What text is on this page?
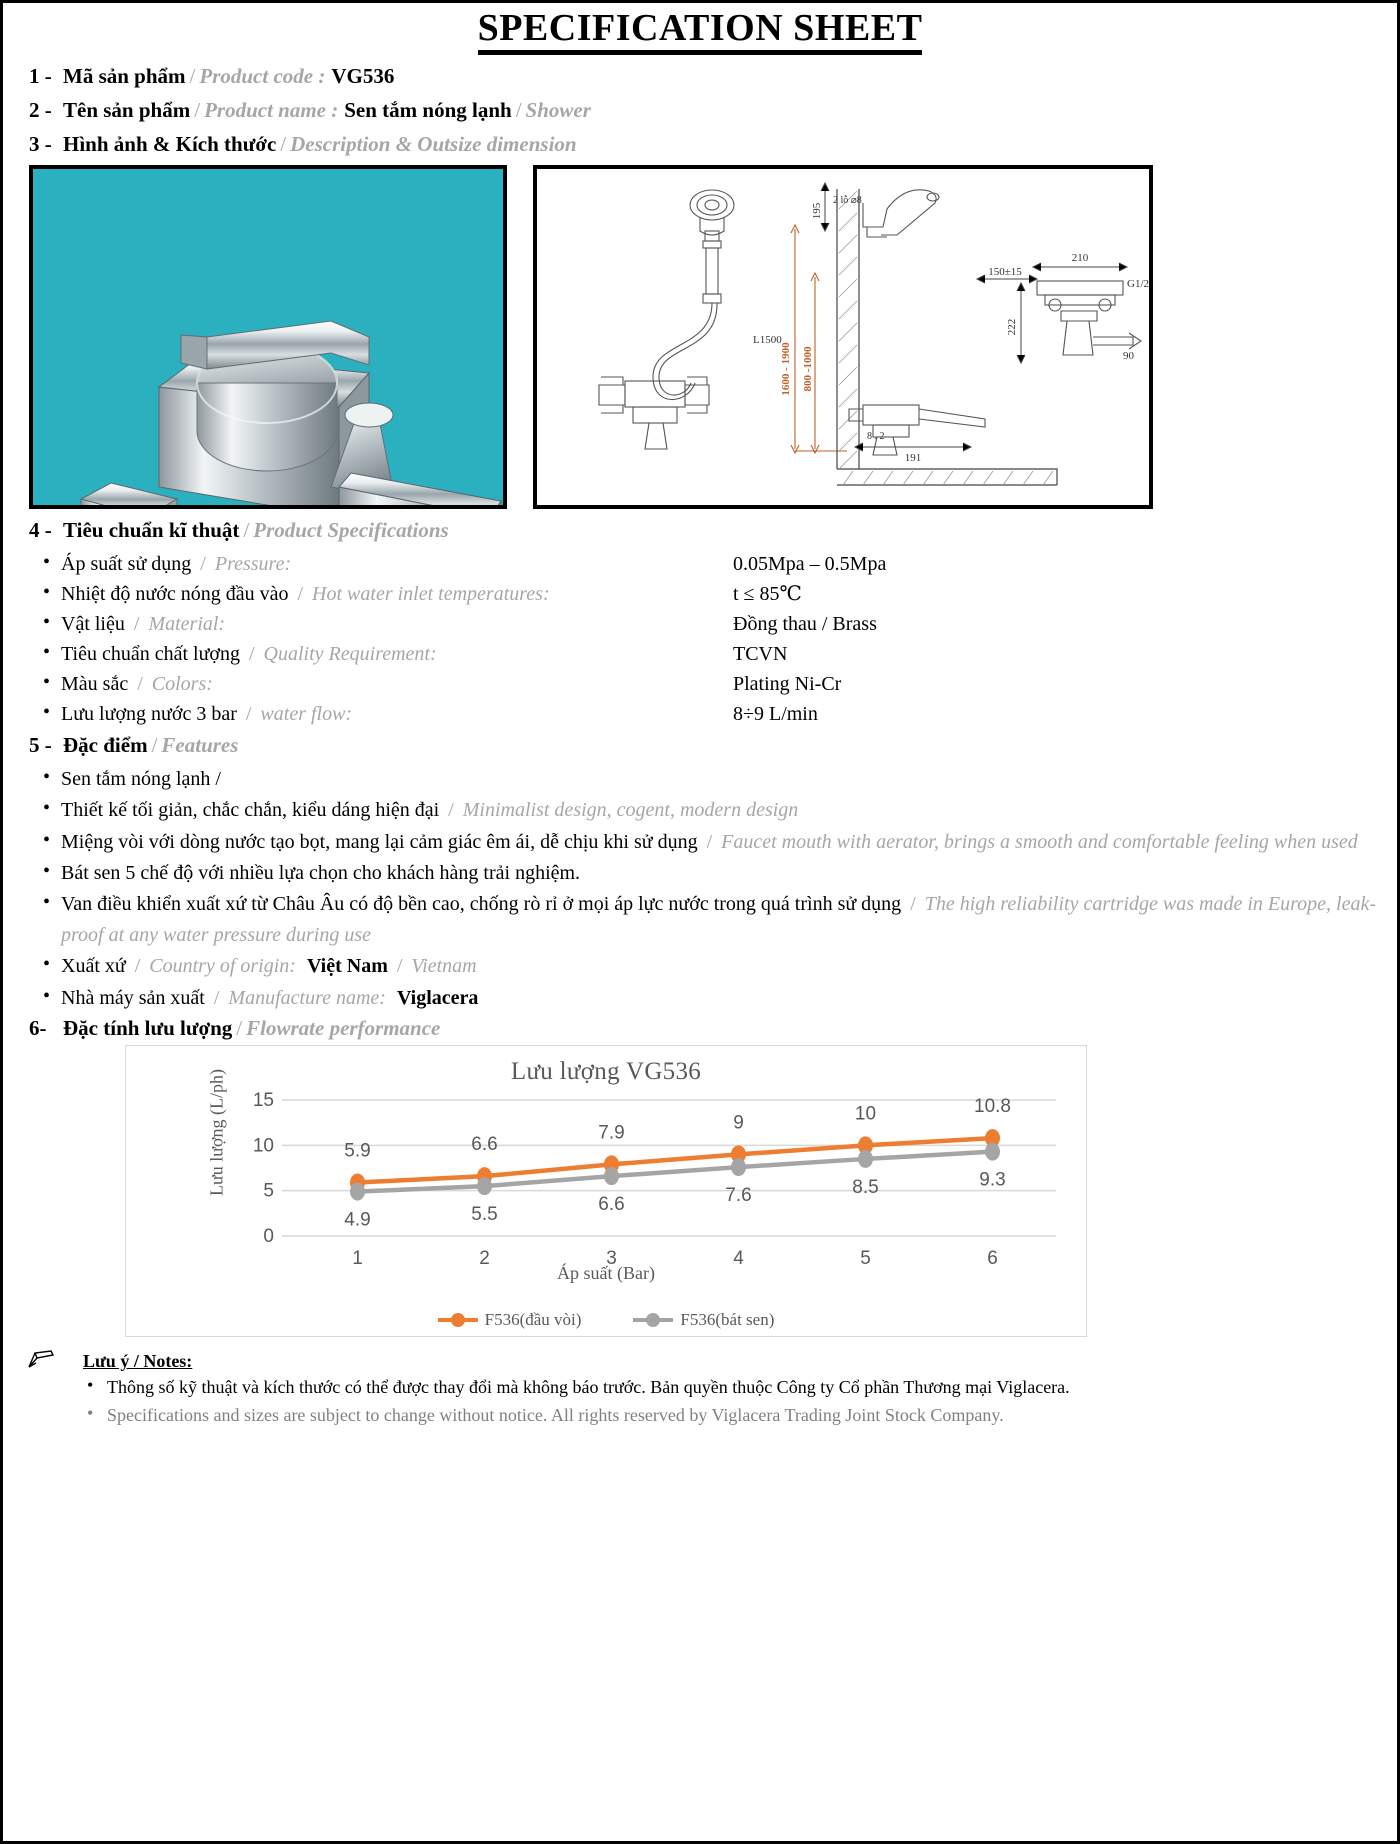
SPECIFICATION SHEET
1 - Mã sản phẩm / Product code : VG536
2 - Tên sản phẩm / Product name : Sen tắm nóng lạnh / Shower
3 - Hình ảnh & Kích thước / Description & Outsize dimension
1600 - 1900 800 -1000
L1500
195
2 lỗ ⌀8
191
8 . 2
210
150±15
222
G1/2
90
4 - Tiêu chuẩn kĩ thuật / Product Specifications
• Áp suất sử dụng / Pressure:	0.05Mpa – 0.5Mpa
• Nhiệt độ nước nóng đầu vào / Hot water inlet temperatures:	t ≤ 85℃
• Vật liệu / Material:	Đồng thau / Brass
• Tiêu chuẩn chất lượng / Quality Requirement:	TCVN
• Màu sắc / Colors:	Plating Ni-Cr
• Lưu lượng nước 3 bar / water flow:	8÷9 L/min
5 - Đặc điểm / Features
• Sen tắm nóng lạnh /
• Thiết kế tối giản, chắc chắn, kiểu dáng hiện đại / Minimalist design, cogent, modern design
• Miệng vòi với dòng nước tạo bọt, mang lại cảm giác êm ái, dễ chịu khi sử dụng / Faucet mouth with aerator, brings a smooth and comfortable feeling when used
• Bát sen 5 chế độ với nhiều lựa chọn cho khách hàng trải nghiệm.
• Van điều khiển xuất xứ từ Châu Âu có độ bền cao, chống rò rỉ ở mọi áp lực nước trong quá trình sử dụng / The high reliability cartridge was made in Europe, leak-proof at any water pressure during use
• Xuất xứ / Country of origin: Việt Nam / Vietnam
• Nhà máy sản xuất / Manufacture name: Viglacera
6- Đặc tính lưu lượng / Flowrate performance
Lưu lượng VG536
Lưu lượng (L/ph)
0
5
10
15
1	2	3	4	5	6
5.9	6.6
7.9	9	10	10.8
4.9	5.5	6.6	7.6	8.5	9.3
Áp suất (Bar)
F536(đầu vòi)	F536(bát sen)
Lưu ý / Notes:
• Thông số kỹ thuật và kích thước có thể được thay đổi mà không báo trước. Bản quyền thuộc Công ty Cổ phần Thương mại Viglacera.
• Specifications and sizes are subject to change without notice. All rights reserved by Viglacera Trading Joint Stock Company.
